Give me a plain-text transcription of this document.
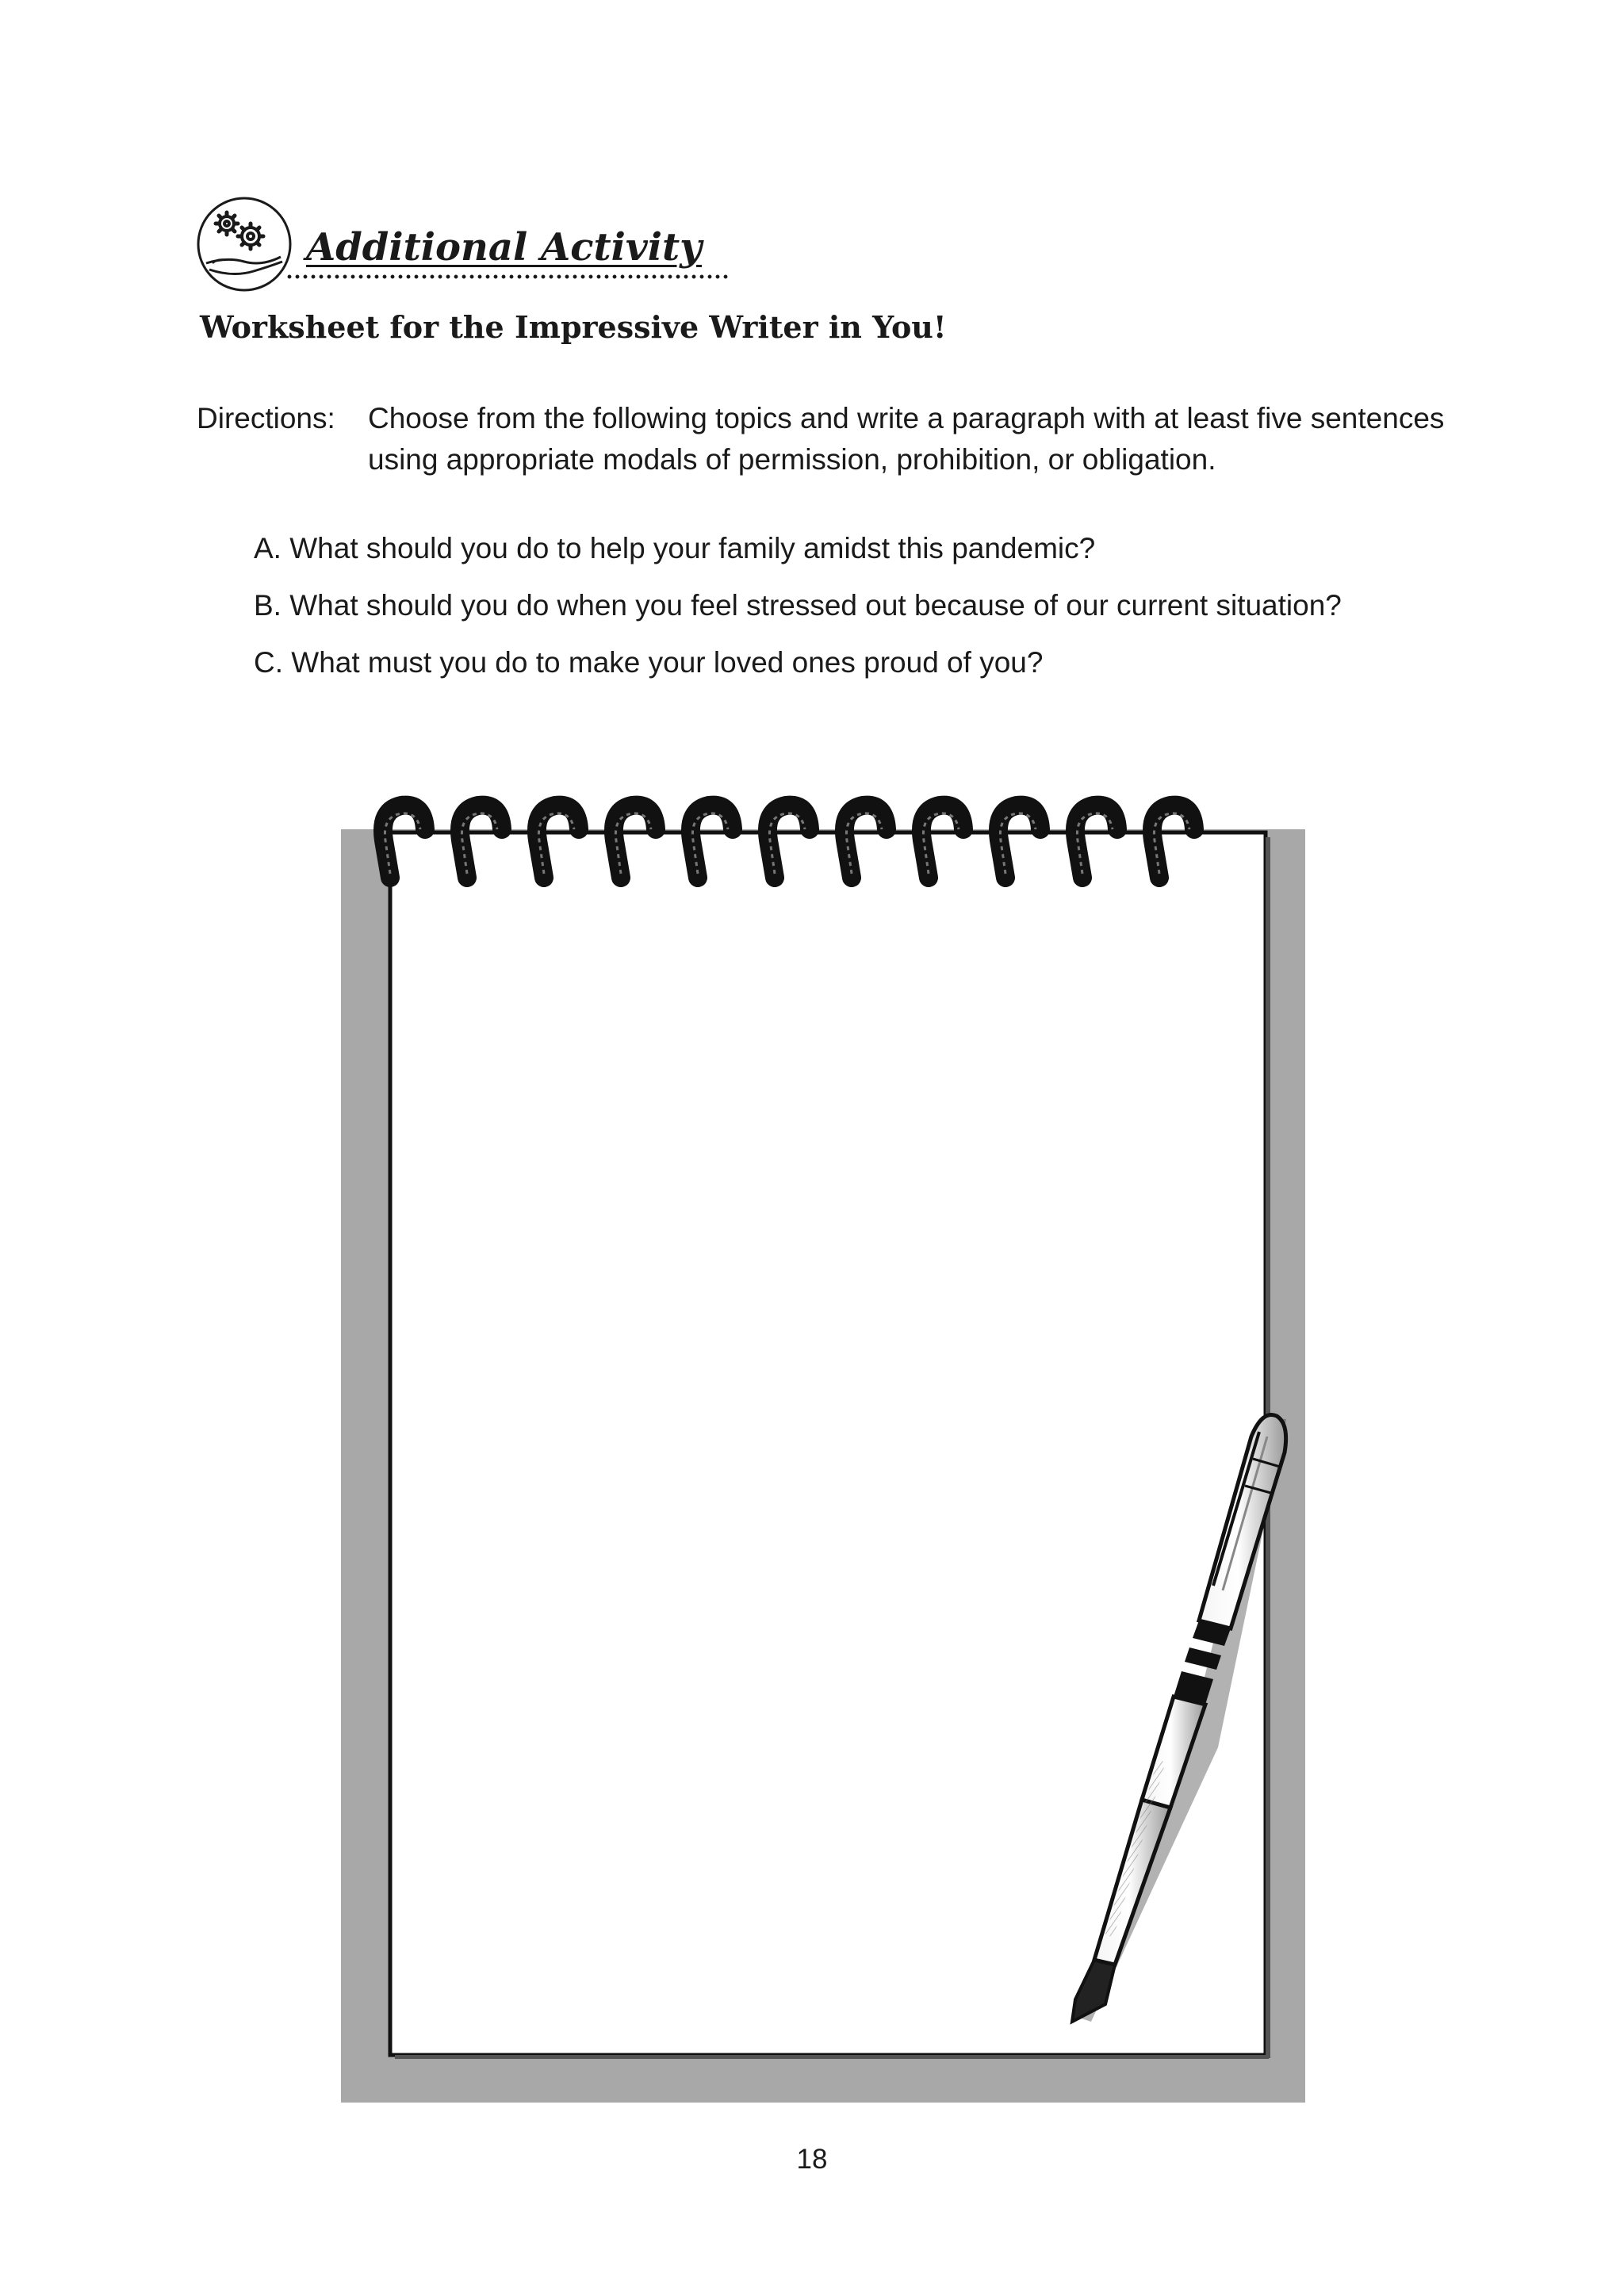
Additional Activity
Worksheet for the Impressive Writer in You!
Directions: Choose from the following topics and write a paragraph with at least five sentences using appropriate modals of permission, prohibition, or obligation.
A. What should you do to help your family amidst this pandemic?
B. What should you do when you feel stressed out because of our current situation?
C. What must you do to make your loved ones proud of you?
18
